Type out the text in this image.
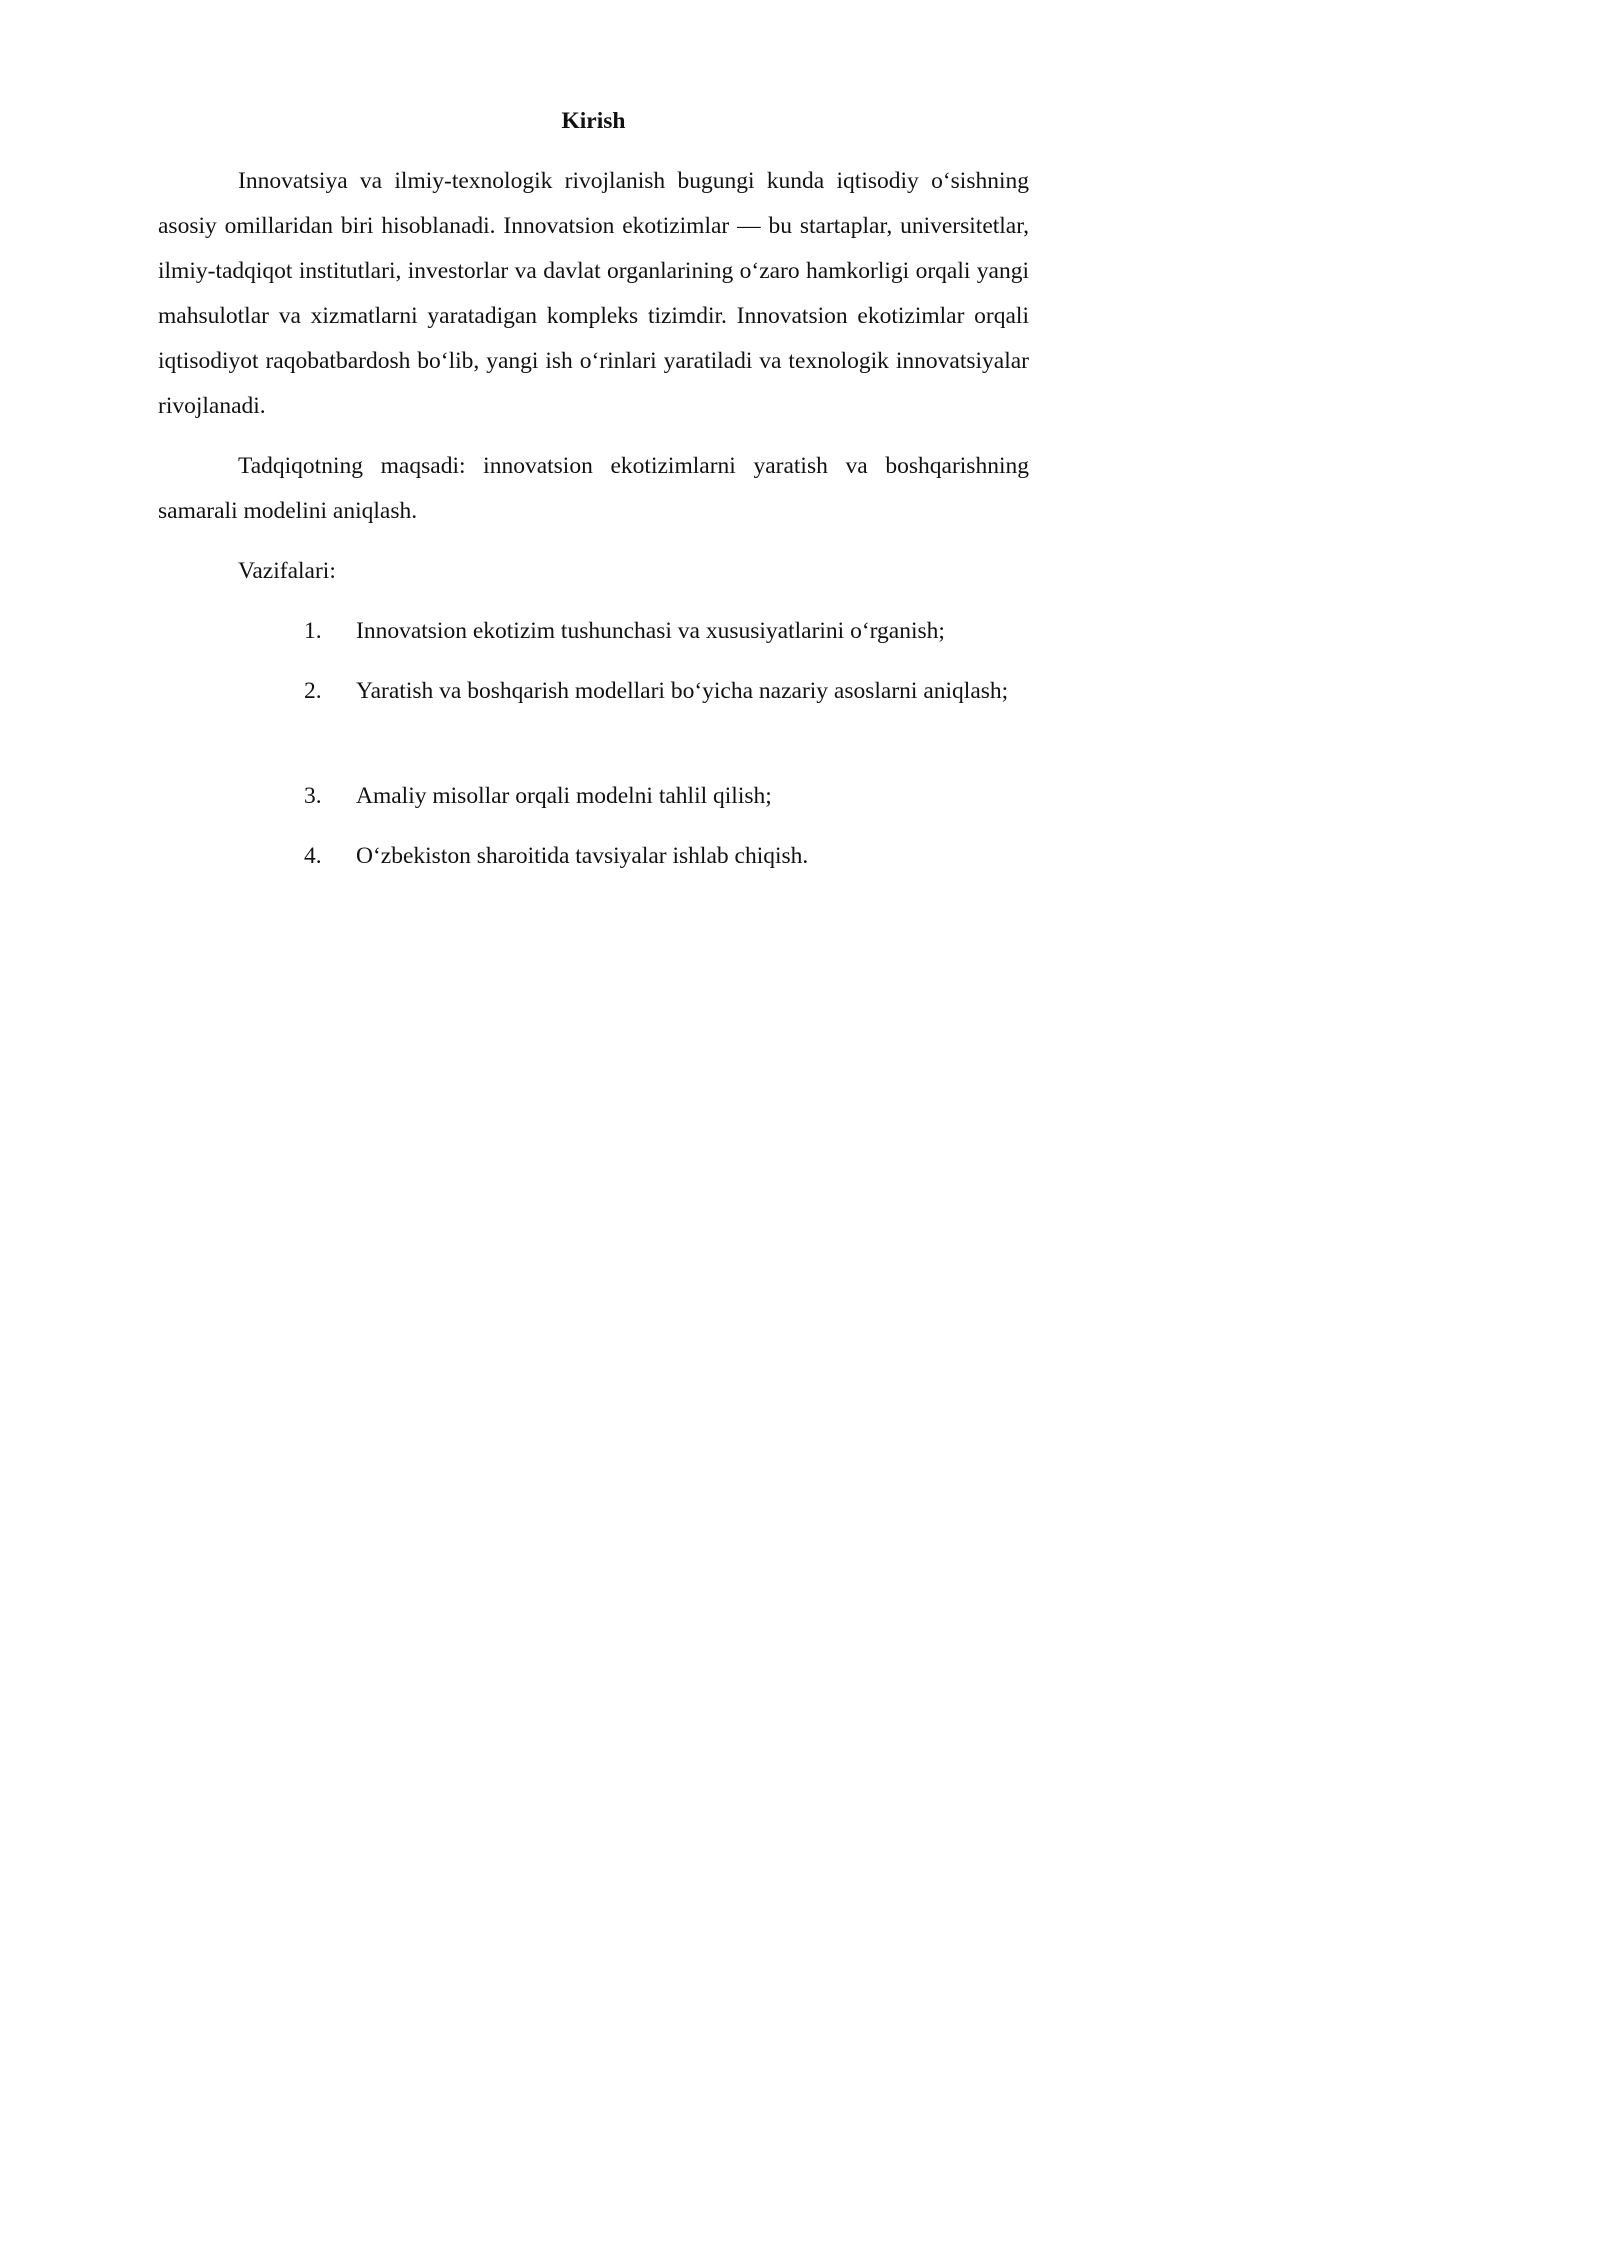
Kirish

Innovatsiya va ilmiy-texnologik rivojlanish bugungi kunda iqtisodiy o‘sishning asosiy omillaridan biri hisoblanadi. Innovatsion ekotizimlar — bu startaplar, universitetlar, ilmiy-tadqiqot institutlari, investorlar va davlat organlarining o‘zaro hamkorligi orqali yangi mahsulotlar va xizmatlarni yaratadigan kompleks tizimdir. Innovatsion ekotizimlar orqali iqtisodiyot raqobatbardosh bo‘lib, yangi ish o‘rinlari yaratiladi va texnologik innovatsiyalar rivojlanadi.

Tadqiqotning maqsadi: innovatsion ekotizimlarni yaratish va boshqarishning samarali modelini aniqlash.

Vazifalari:

1.	Innovatsion ekotizim tushunchasi va xususiyatlarini o‘rganish;
2.	Yaratish va boshqarish modellari bo‘yicha nazariy asoslarni aniqlash;
3.	Amaliy misollar orqali modelni tahlil qilish;
4.	O‘zbekiston sharoitida tavsiyalar ishlab chiqish.
